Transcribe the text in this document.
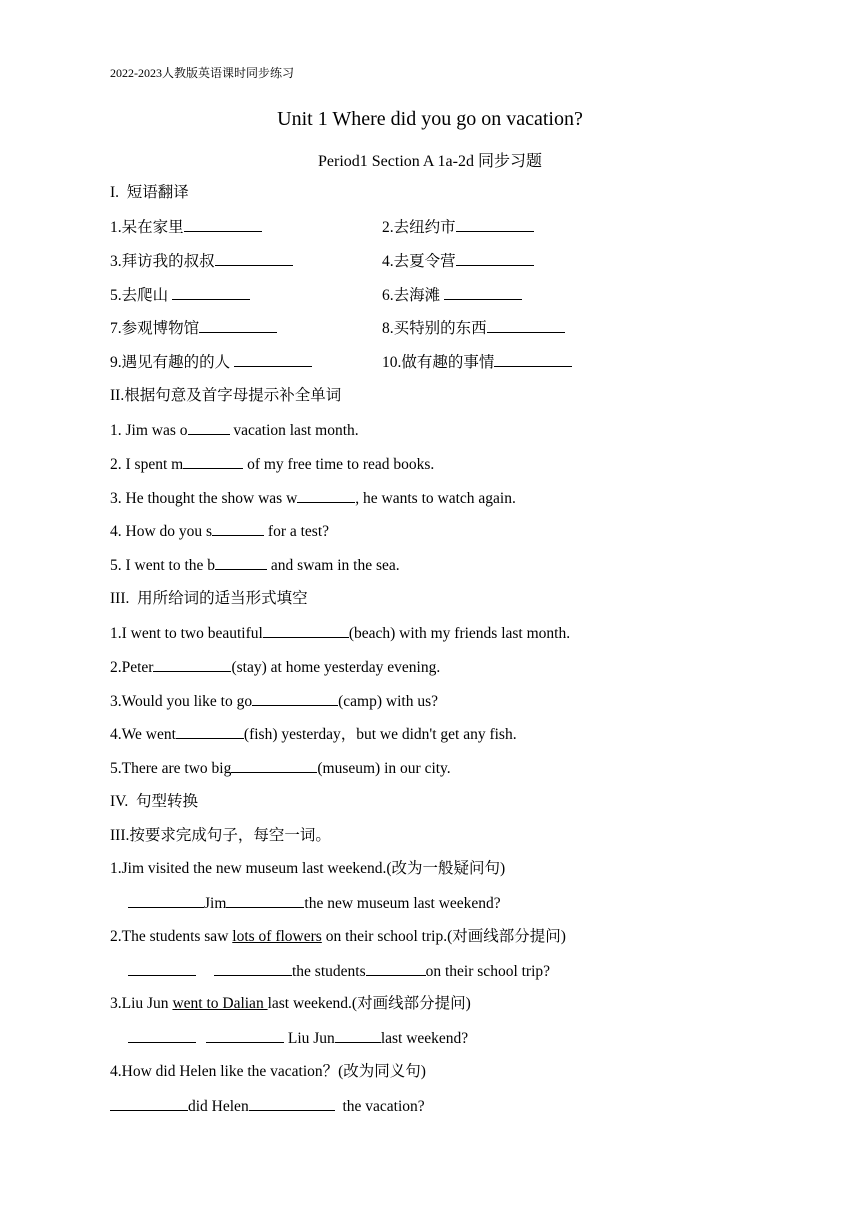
2022-2023人教版英语课时同步练习
Unit 1 Where did you go on vacation?
Period1 Section A 1a-2d 同步习题
I.  短语翻译
1.呆在家里	2.去纽约市
3.拜访我的叔叔	4.去夏令营
5.去爬山	6.去海滩
7.参观博物馆	8.买特别的东西
9.遇见有趣的的人	10.做有趣的事情
II.根据句意及首字母提示补全单词
1. Jim was o	vacation last month.
2. I spent m	of my free time to read books.
3. He thought the show was w	, he wants to watch again.
4. How do you s	for a test?
5. I went to the b	and swam in the sea.
III.  用所给词的适当形式填空
1.I went to two beautiful	(beach) with my friends last month.
2.Peter	(stay) at home yesterday evening.
3.Would you like to go	(camp) with us?
4.We went	(fish) yesterday，but we didn't get any fish.
5.There are two big	(museum) in our city.
IV.  句型转换
III.按要求完成句子，每空一词。
1.Jim visited the new museum last weekend.(改为一般疑问句)
Jim	the new museum last weekend?
2.The students saw lots of flowers on their school trip.(对画线部分提问)
the students	on their school trip?
3.Liu Jun went to Dalian last weekend.(对画线部分提问)
Liu Jun	last weekend?
4.How did Helen like the vacation？(改为同义句)
did Helen	the vacation?
